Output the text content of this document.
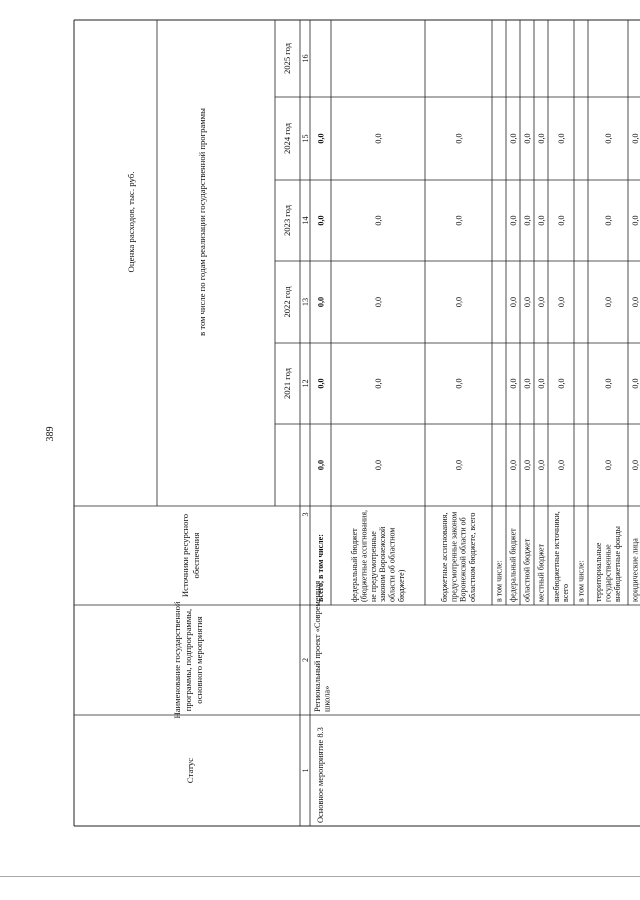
389
Статус
Наименование государственной программы, подпрограммы, основного мероприятия
Источники ресурсного обеспечения
Оценка расходов, тыс. руб.	в том числе по годам реализации государственной программы
2021 год
2022 год
2023 год
2024 год
2025 год
1
2
3
12
13
14
15
16
всего, в том числе:
0,0
0,0
0,0
0,0
0,0
федеральный бюджет (бюджетные ассигнования, не предусмотренные законом Воронежской области об областном бюджете)
0,0
0,0
0,0
0,0
0,0
бюджетные ассигнования, предусмотренные законом Воронежской области об областном бюджете, всего
0,0
0,0
0,0
0,0
0,0
в том числе: федеральный бюджет
0,0
0,0
0,0
0,0
0,0
областной бюджет
0,0
0,0
0,0
0,0
0,0
местный бюджет
0,0
0,0
0,0
0,0
0,0
внебюджетные источники, всего
0,0
0,0
0,0
0,0
0,0
в том числе: территориальные государственные внебюджетные фонды
0,0
0,0
0,0
0,0
0,0
юридические лица
0,0
0,0
0,0
0,0
0,0
Основное мероприятие 8.3
Региональный проект «Современная школа»
